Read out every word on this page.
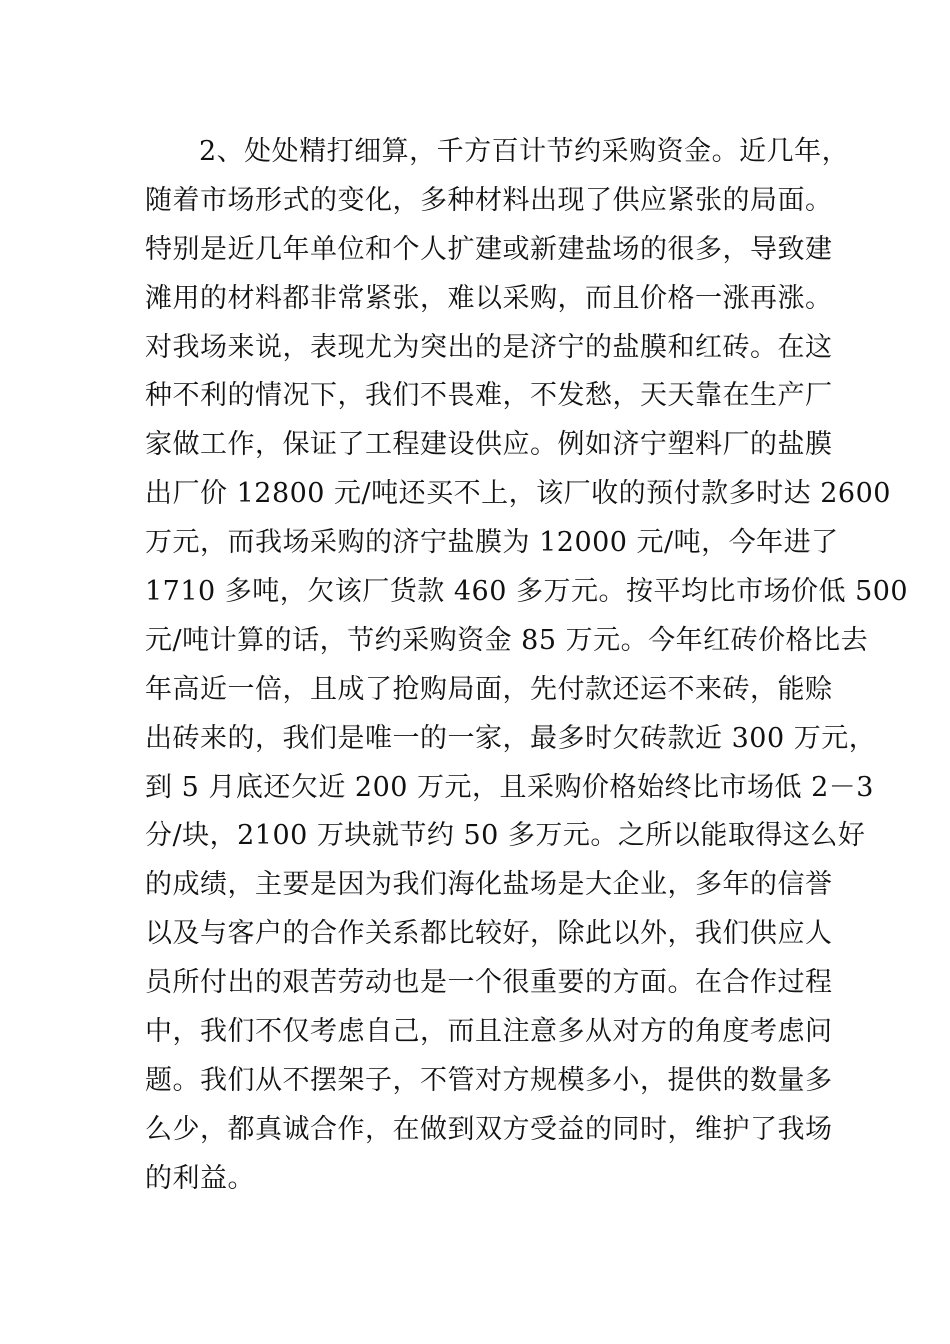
2、处处精打细算，千方百计节约采购资金。近几年，
随着市场形式的变化，多种材料出现了供应紧张的局面。
特别是近几年单位和个人扩建或新建盐场的很多，导致建
滩用的材料都非常紧张，难以采购，而且价格一涨再涨。
对我场来说，表现尤为突出的是济宁的盐膜和红砖。在这
种不利的情况下，我们不畏难，不发愁，天天靠在生产厂
家做工作，保证了工程建设供应。例如济宁塑料厂的盐膜
出厂价 12800 元/吨还买不上，该厂收的预付款多时达 2600
万元，而我场采购的济宁盐膜为 12000 元/吨，今年进了
1710 多吨，欠该厂货款 460 多万元。按平均比市场价低 500
元/吨计算的话，节约采购资金 85 万元。今年红砖价格比去
年高近一倍，且成了抢购局面，先付款还运不来砖，能赊
出砖来的，我们是唯一的一家，最多时欠砖款近 300 万元，
到 5 月底还欠近 200 万元，且采购价格始终比市场低 2－3
分/块，2100 万块就节约 50 多万元。之所以能取得这么好
的成绩，主要是因为我们海化盐场是大企业，多年的信誉
以及与客户的合作关系都比较好，除此以外，我们供应人
员所付出的艰苦劳动也是一个很重要的方面。在合作过程
中，我们不仅考虑自己，而且注意多从对方的角度考虑问
题。我们从不摆架子，不管对方规模多小，提供的数量多
么少，都真诚合作，在做到双方受益的同时，维护了我场
的利益。
